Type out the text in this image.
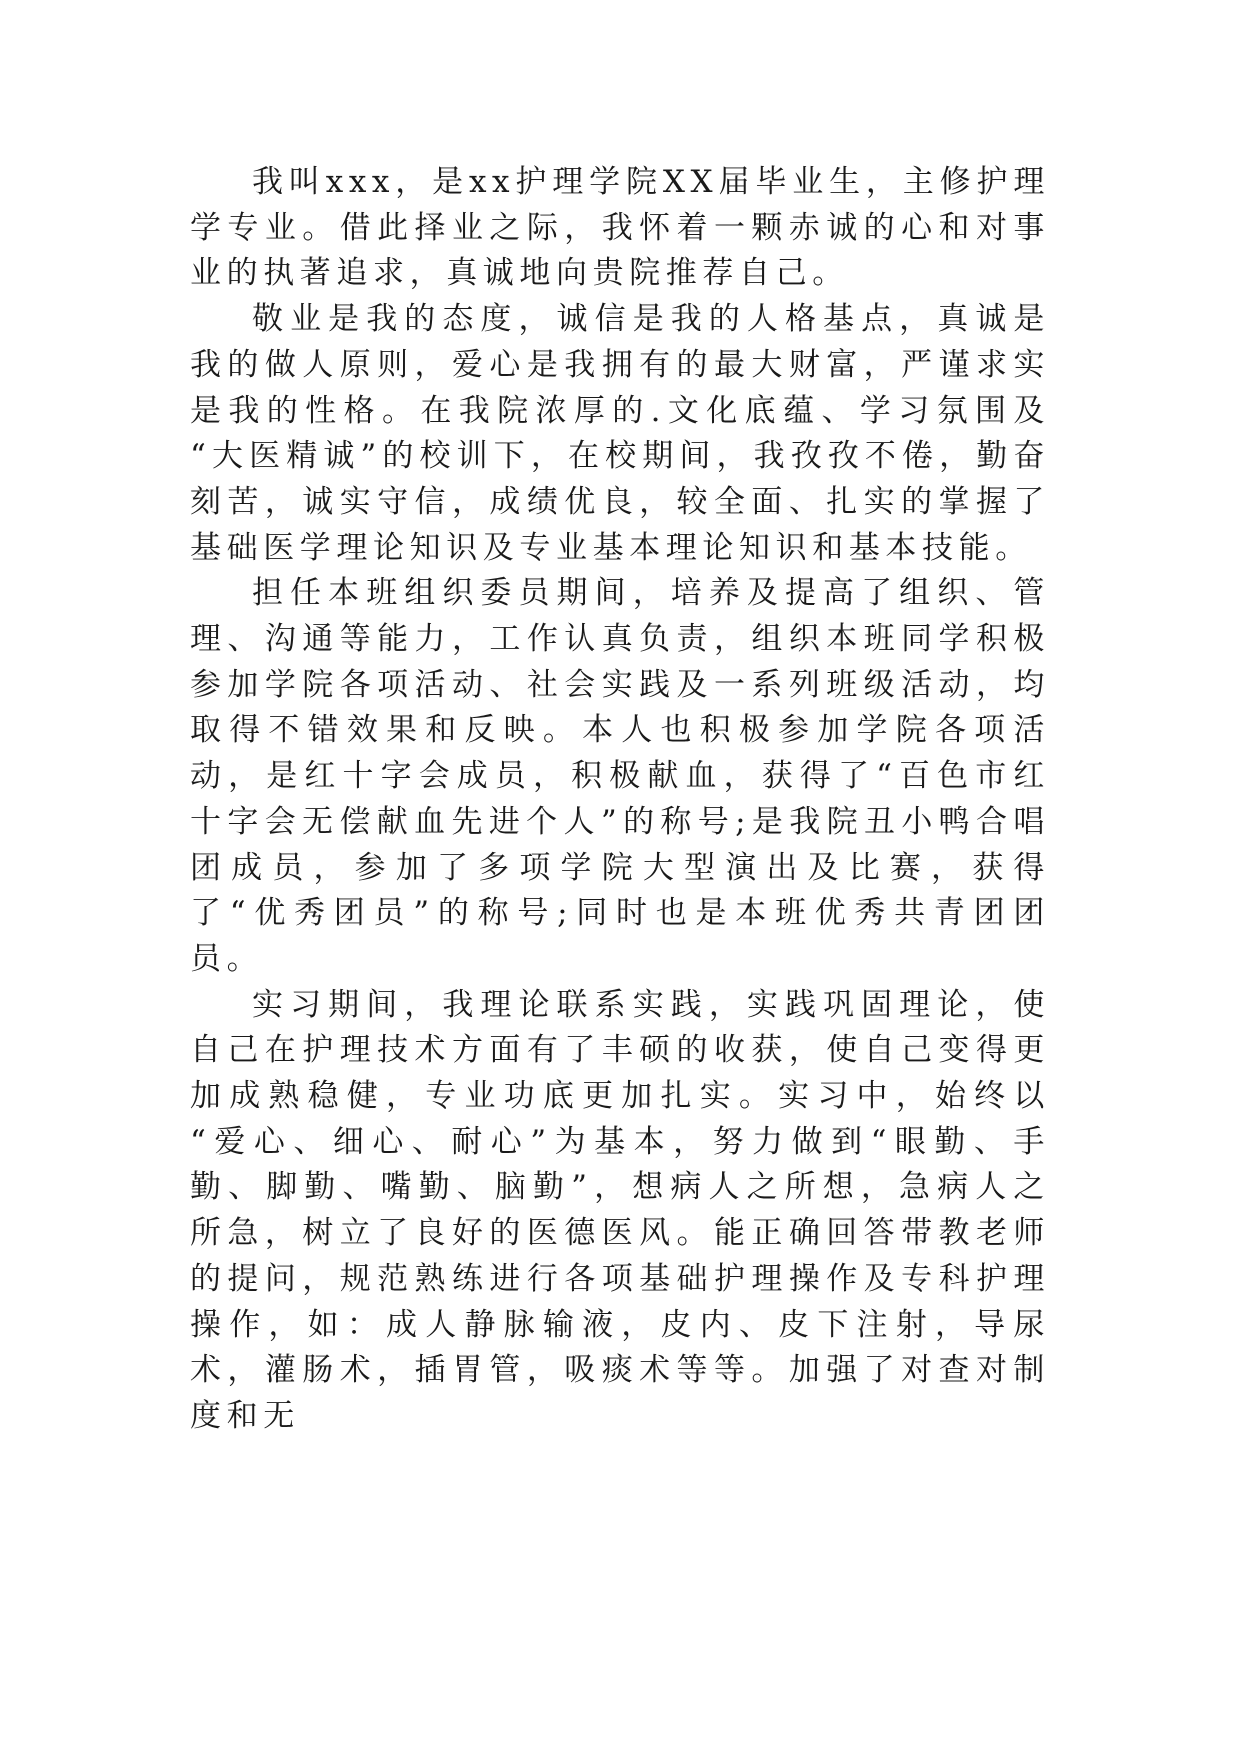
我叫xxx，是xx护理学院XX届毕业生，主修护理学专业。借此择业之际，我怀着一颗赤诚的心和对事业的执著追求，真诚地向贵院推荐自己。

敬业是我的态度，诚信是我的人格基点，真诚是我的做人原则，爱心是我拥有的最大财富，严谨求实是我的性格。在我院浓厚的.文化底蕴、学习氛围及 “大医精诚”的校训下，在校期间，我孜孜不倦，勤奋刻苦，诚实守信，成绩优良，较全面、扎实的掌握了基础医学理论知识及专业基本理论知识和基本技能。

担任本班组织委员期间，培养及提高了组织、管理、沟通等能力，工作认真负责，组织本班同学积极参加学院各项活动、社会实践及一系列班级活动，均取得不错效果和反映。本人也积极参加学院各项活动，是红十字会成员，积极献血，获得了“百色市红十字会无偿献血先进个人”的称号;是我院丑小鸭合唱团成员，参加了多项学院大型演出及比赛，获得了“优秀团员”的称号;同时也是本班优秀共青团团员。

实习期间，我理论联系实践，实践巩固理论，使自己在护理技术方面有了丰硕的收获，使自己变得更加成熟稳健，专业功底更加扎实。实习中，始终以 “爱心、细心、耐心”为基本，努力做到“眼勤、手勤、脚勤、嘴勤、脑勤”，想病人之所想，急病人之所急，树立了良好的医德医风。能正确回答带教老师的提问，规范熟练进行各项基础护理操作及专科护理操作，如：成人静脉输液，皮内、皮下注射，导尿术，灌肠术，插胃管，吸痰术等等。加强了对查对制度和无
